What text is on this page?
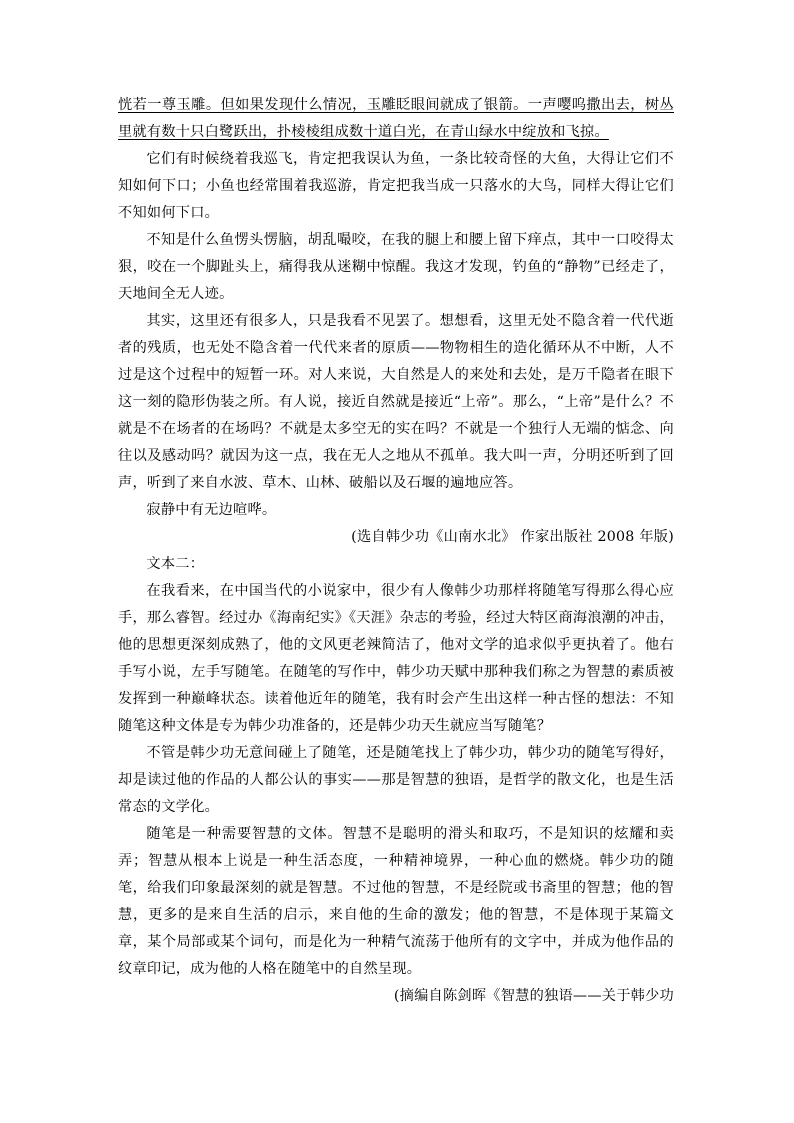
恍若一尊玉雕。但如果发现什么情况，玉雕眨眼间就成了银箭。一声嘤呜撒出去，树丛里就有数十只白鹭跃出，扑棱棱组成数十道白光，在青山绿水中绽放和飞掠。

它们有时候绕着我巡飞，肯定把我误认为鱼，一条比较奇怪的大鱼，大得让它们不知如何下口；小鱼也经常围着我巡游，肯定把我当成一只落水的大鸟，同样大得让它们不知如何下口。

不知是什么鱼愣头愣脑，胡乱嘬咬，在我的腿上和腰上留下痒点，其中一口咬得太狠，咬在一个脚趾头上，痛得我从迷糊中惊醒。我这才发现，钓鱼的“静物”已经走了，天地间全无人迹。

其实，这里还有很多人，只是我看不见罢了。想想看，这里无处不隐含着一代代逝者的残质，也无处不隐含着一代代来者的原质——物物相生的造化循环从不中断，人不过是这个过程中的短暂一环。对人来说，大自然是人的来处和去处，是万千隐者在眼下这一刻的隐形伪装之所。有人说，接近自然就是接近“上帝”。那么，“上帝”是什么？不就是不在场者的在场吗？不就是太多空无的实在吗？不就是一个独行人无端的惦念、向往以及感动吗？就因为这一点，我在无人之地从不孤单。我大叫一声，分明还听到了回声，听到了来自水波、草木、山林、破船以及石堰的遍地应答。

寂静中有无边喧哗。

(选自韩少功《山南水北》 作家出版社 2008 年版)

文本二：

在我看来，在中国当代的小说家中，很少有人像韩少功那样将随笔写得那么得心应手，那么睿智。经过办《海南纪实》《天涯》杂志的考验，经过大特区商海浪潮的冲击，他的思想更深刻成熟了，他的文风更老辣简洁了，他对文学的追求似乎更执着了。他右手写小说，左手写随笔。在随笔的写作中，韩少功天赋中那种我们称之为智慧的素质被发挥到一种巅峰状态。读着他近年的随笔，我有时会产生出这样一种古怪的想法：不知随笔这种文体是专为韩少功准备的，还是韩少功天生就应当写随笔？

不管是韩少功无意间碰上了随笔，还是随笔找上了韩少功，韩少功的随笔写得好，却是读过他的作品的人都公认的事实——那是智慧的独语，是哲学的散文化，也是生活常态的文学化。

随笔是一种需要智慧的文体。智慧不是聪明的滑头和取巧，不是知识的炫耀和卖弄；智慧从根本上说是一种生活态度，一种精神境界，一种心血的燃烧。韩少功的随笔，给我们印象最深刻的就是智慧。不过他的智慧，不是经院或书斋里的智慧；他的智慧，更多的是来自生活的启示，来自他的生命的激发；他的智慧，不是体现于某篇文章，某个局部或某个词句，而是化为一种精气流荡于他所有的文字中，并成为他作品的纹章印记，成为他的人格在随笔中的自然呈现。

(摘编自陈剑晖《智慧的独语——关于韩少功
